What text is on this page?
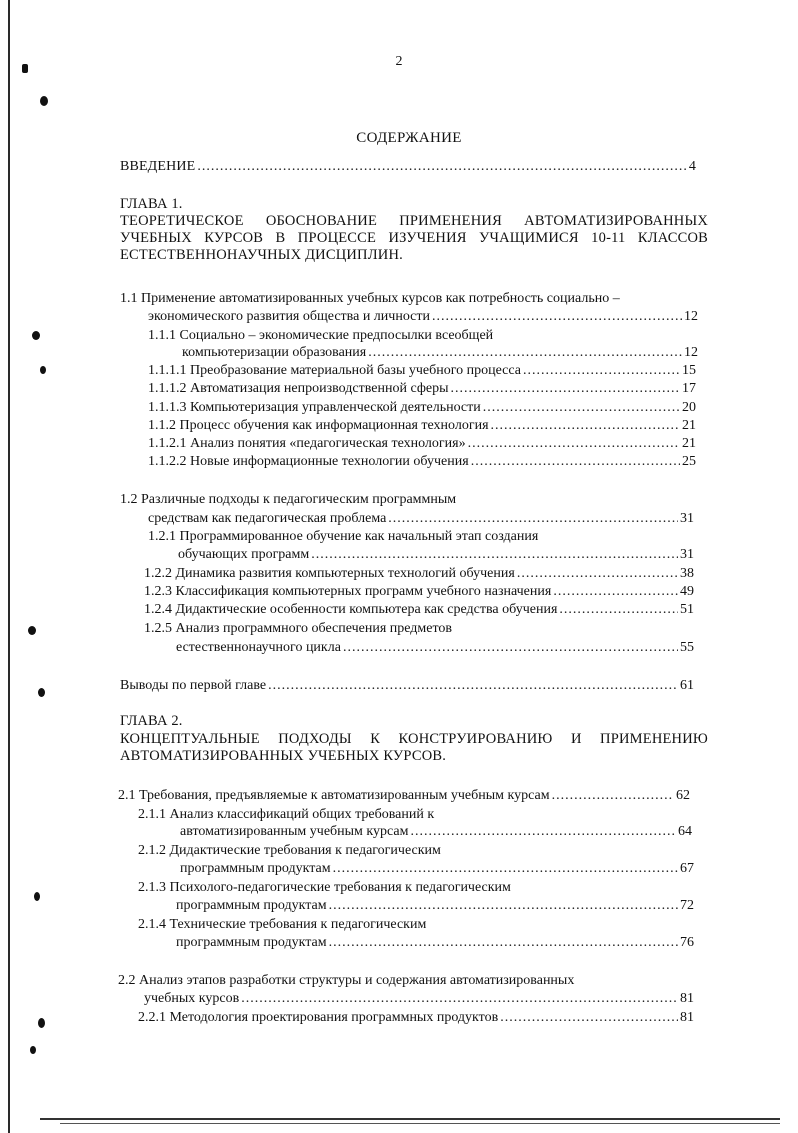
2
СОДЕРЖАНИЕ
ВВЕДЕНИЕ .....	4
ГЛАВА 1.
ТЕОРЕТИЧЕСКОЕ ОБОСНОВАНИЕ ПРИМЕНЕНИЯ АВТОМАТИЗИРОВАННЫХ УЧЕБНЫХ КУРСОВ В ПРОЦЕССЕ ИЗУЧЕНИЯ УЧАЩИМИСЯ 10-11 КЛАССОВ ЕСТЕСТВЕННОНАУЧНЫХ ДИСЦИПЛИН.
1.1 Применение автоматизированных учебных курсов как потребность социально –
экономического развития общества и личности .....	12
1.1.1 Социально – экономические предпосылки всеобщей
компьютеризации образования .....	12
1.1.1.1 Преобразование материальной базы учебного процесса .....	15
1.1.1.2 Автоматизация непроизводственной сферы .....	17
1.1.1.3 Компьютеризация управленческой деятельности .....	20
1.1.2 Процесс обучения как информационная технология .....	21
1.1.2.1 Анализ понятия «педагогическая технология» .....	21
1.1.2.2 Новые информационные технологии обучения .....	25
1.2 Различные подходы к педагогическим программным
средствам как педагогическая проблема .....	31
1.2.1 Программированное обучение как начальный этап создания
обучающих программ .....	31
1.2.2 Динамика развития компьютерных технологий обучения .....	38
1.2.3 Классификация компьютерных программ учебного назначения .....	49
1.2.4 Дидактические особенности компьютера как средства обучения .....	51
1.2.5 Анализ программного обеспечения предметов
естественнонаучного цикла .....	55
Выводы по первой главе .....	61
ГЛАВА 2.
КОНЦЕПТУАЛЬНЫЕ ПОДХОДЫ К КОНСТРУИРОВАНИЮ И ПРИМЕНЕНИЮ АВТОМАТИЗИРОВАННЫХ УЧЕБНЫХ КУРСОВ.
2.1 Требования, предъявляемые к автоматизированным учебным курсам .....	62
2.1.1 Анализ классификаций общих требований к
автоматизированным учебным курсам .....	64
2.1.2 Дидактические требования к педагогическим
программным продуктам .....	67
2.1.3 Психолого-педагогические требования к педагогическим
программным продуктам .....	72
2.1.4 Технические требования к педагогическим
программным продуктам .....	76
2.2 Анализ этапов разработки структуры и содержания автоматизированных
учебных курсов .....	81
2.2.1 Методология проектирования программных продуктов .....	81
